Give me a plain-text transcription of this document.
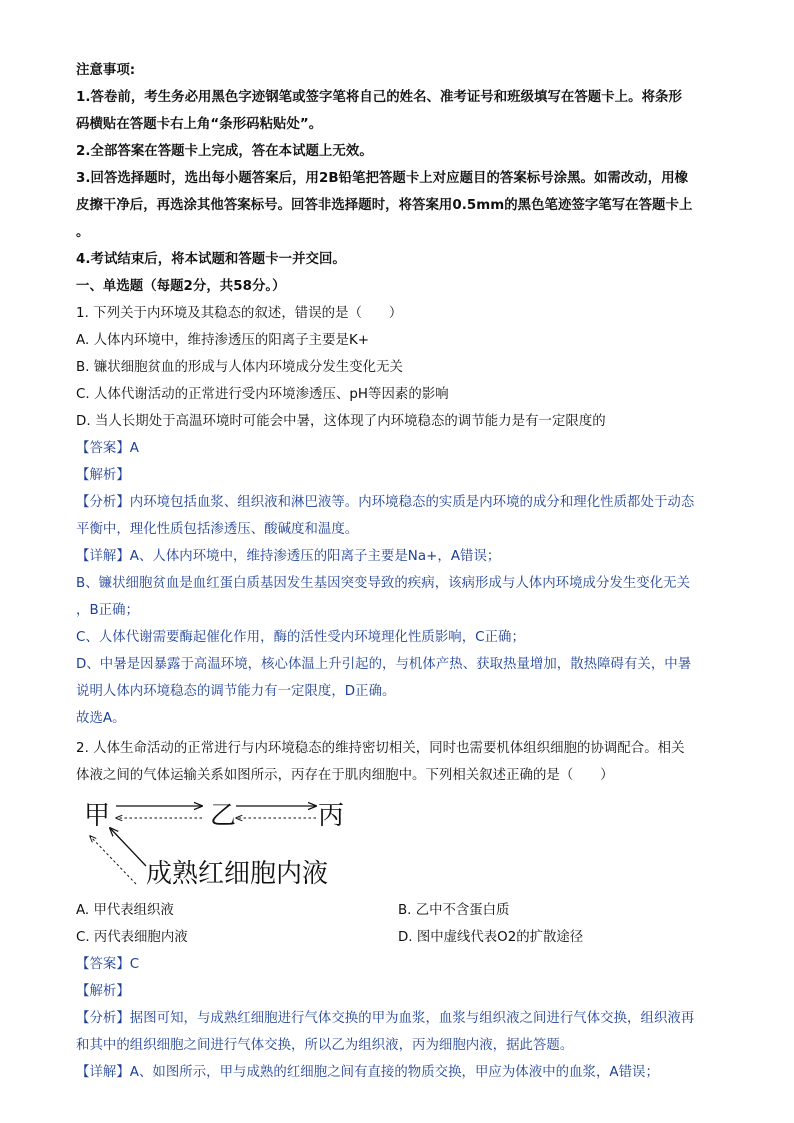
注意事项:
1.答卷前，考生务必用黑色字迹钢笔或签字笔将自己的姓名、准考证号和班级填写在答题卡上。将条形
码横贴在答题卡右上角“条形码粘贴处”。
2.全部答案在答题卡上完成，答在本试题上无效。
3.回答选择题时，选出每小题答案后，用2B铅笔把答题卡上对应题目的答案标号涂黑。如需改动，用橡
皮擦干净后，再选涂其他答案标号。回答非选择题时，将答案用0.5mm的黑色笔迹签字笔写在答题卡上
。
4.考试结束后，将本试题和答题卡一并交回。
一、单选题（每题2分，共58分。）
1. 下列关于内环境及其稳态的叙述，错误的是（　　）
A. 人体内环境中，维持渗透压的阳离子主要是K+
B. 镰状细胞贫血的形成与人体内环境成分发生变化无关
C. 人体代谢活动的正常进行受内环境渗透压、pH等因素的影响
D. 当人长期处于高温环境时可能会中暑，这体现了内环境稳态的调节能力是有一定限度的
【答案】A
【解析】
【分析】内环境包括血浆、组织液和淋巴液等。内环境稳态的实质是内环境的成分和理化性质都处于动态
平衡中，理化性质包括渗透压、酸碱度和温度。
【详解】A、人体内环境中，维持渗透压的阳离子主要是Na+，A错误；
B、镰状细胞贫血是血红蛋白质基因发生基因突变导致的疾病，该病形成与人体内环境成分发生变化无关
，B正确；
C、人体代谢需要酶起催化作用，酶的活性受内环境理化性质影响，C正确；
D、中暑是因暴露于高温环境，核心体温上升引起的，与机体产热、获取热量增加，散热障碍有关，中暑
说明人体内环境稳态的调节能力有一定限度，D正确。
故选A。
2. 人体生命活动的正常进行与内环境稳态的维持密切相关，同时也需要机体组织细胞的协调配合。相关
体液之间的气体运输关系如图所示，丙存在于肌肉细胞中。下列相关叙述正确的是（　　）
甲	乙	丙
成熟红细胞内液
A. 甲代表组织液	B. 乙中不含蛋白质
C. 丙代表细胞内液	D. 图中虚线代表O2的扩散途径
【答案】C
【解析】
【分析】据图可知，与成熟红细胞进行气体交换的甲为血浆，血浆与组织液之间进行气体交换，组织液再
和其中的组织细胞之间进行气体交换，所以乙为组织液，丙为细胞内液，据此答题。
【详解】A、如图所示，甲与成熟的红细胞之间有直接的物质交换，甲应为体液中的血浆，A错误；
